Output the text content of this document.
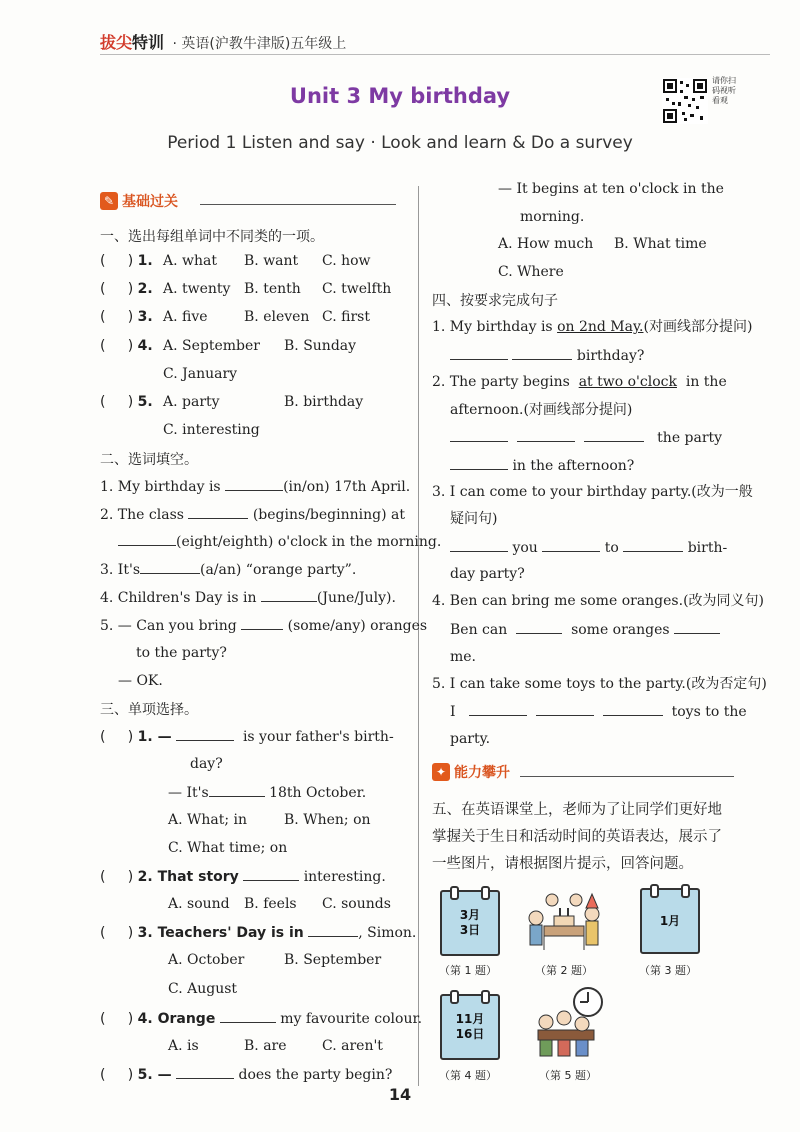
拔尖特训 · 英语(沪教牛津版)五年级上
Unit 3 My birthday
Period 1 Listen and say · Look and learn & Do a survey
请你扫码视听看观
✎ 基础过关
一、选出每组单词中不同类的一项。
(     ) 1. A. what B. want C. how
(     ) 2. A. twenty B. tenth C. twelfth
(     ) 3. A. five	B. eleven C. first
(     ) 4. A. September B. Sunday
C. January
(     ) 5. A. party	B. birthday
C. interesting
二、选词填空。
1. My birthday is	(in/on) 17th April.
2. The class	(begins/beginning) at
(eight/eighth) o'clock in the morning.
3. It's	(a/an) “orange party”.
4. Children's Day is in	(June/July).
5. — Can you bring	(some/any) oranges
to the party?
— OK.
三、单项选择。
(     ) 1. —	is your father's birth-
day?
— It's	18th October.
A. What; in	B. When; on
C. What time; on
(     ) 2. That story	interesting.
A. sound B. feels C. sounds
(     ) 3. Teachers' Day is in	, Simon.
A. October	B. September
C. August
(     ) 4. Orange	my favourite colour.
A. is	B. are	C. aren't
(     ) 5. —	does the party begin?
— It begins at ten o'clock in the
morning.
A. How much B. What time
C. Where
四、按要求完成句子
1. My birthday is on 2nd May.(对画线部分提问)
birthday?
2. The party begins at two o'clock in the
afternoon.(对画线部分提问)
the party
in the afternoon?
3. I can come to your birthday party.(改为一般
疑问句)
you	to	birth-
day party?
4. Ben can bring me some oranges.(改为同义句)
Ben can	some oranges
me.
5. I can take some toys to the party.(改为否定句)
I	toys to the
party.
✦ 能力攀升
五、在英语课堂上，老师为了让同学们更好地
掌握关于生日和活动时间的英语表达，展示了
一些图片，请根据图片提示，回答问题。
3月
3日
（第 1 题）	（第 2 题）
1月
（第 3 题）
11月
16日
（第 4 题）	（第 5 题）
14
